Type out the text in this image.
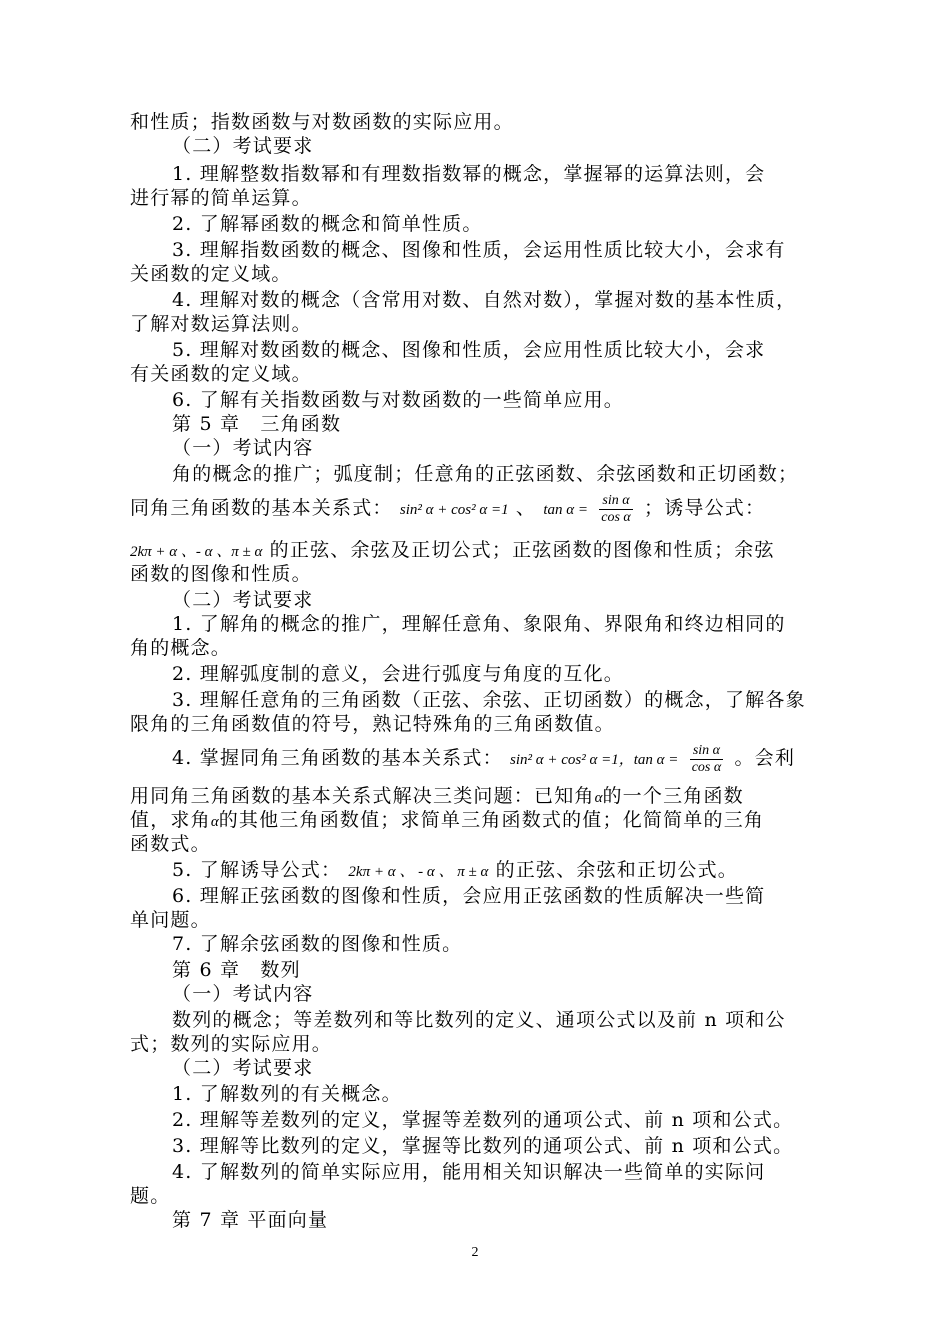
和性质；指数函数与对数函数的实际应用。
（二）考试要求
1. 理解整数指数幂和有理数指数幂的概念，掌握幂的运算法则，会
进行幂的简单运算。
2. 了解幂函数的概念和简单性质。
3. 理解指数函数的概念、图像和性质，会运用性质比较大小，会求有
关函数的定义域。
4. 理解对数的概念（含常用对数、自然对数），掌握对数的基本性质，
了解对数运算法则。
5. 理解对数函数的概念、图像和性质，会应用性质比较大小，会求
有关函数的定义域。
6. 了解有关指数函数与对数函数的一些简单应用。
第 5 章　三角函数
（一）考试内容
角的概念的推广；弧度制；任意角的正弦函数、余弦函数和正切函数；
同角三角函数的基本关系式： sin² α + cos² α =1 、 $\tan \alpha = \frac{\text{sin α}}{\text{cos α}}$ ；诱导公式：
2kπ + α 、- α 、π ± α 的正弦、余弦及正切公式；正弦函数的图像和性质；余弦
函数的图像和性质。
（二）考试要求
1. 了解角的概念的推广，理解任意角、象限角、界限角和终边相同的
角的概念。
2. 理解弧度制的意义，会进行弧度与角度的互化。
3. 理解任意角的三角函数（正弦、余弦、正切函数）的概念，了解各象
限角的三角函数值的符号，熟记特殊角的三角函数值。
4. 掌握同角三角函数的基本关系式： sin² α + cos² α =1，$\tan \alpha = \frac{\text{sin α}}{\text{cos α}}$ 。会利
用同角三角函数的基本关系式解决三类问题：已知角α的一个三角函数
值，求角α的其他三角函数值；求简单三角函数式的值；化简简单的三角
函数式。
5. 了解诱导公式： 2kπ + α 、 - α 、 π ± α 的正弦、余弦和正切公式。
6. 理解正弦函数的图像和性质，会应用正弦函数的性质解决一些简
单问题。
7. 了解余弦函数的图像和性质。
第 6 章　数列
（一）考试内容
数列的概念；等差数列和等比数列的定义、通项公式以及前 n 项和公
式；数列的实际应用。
（二）考试要求
1. 了解数列的有关概念。
2. 理解等差数列的定义，掌握等差数列的通项公式、前 n 项和公式。
3. 理解等比数列的定义，掌握等比数列的通项公式、前 n 项和公式。
4. 了解数列的简单实际应用，能用相关知识解决一些简单的实际问
题。
第 7 章 平面向量
2
